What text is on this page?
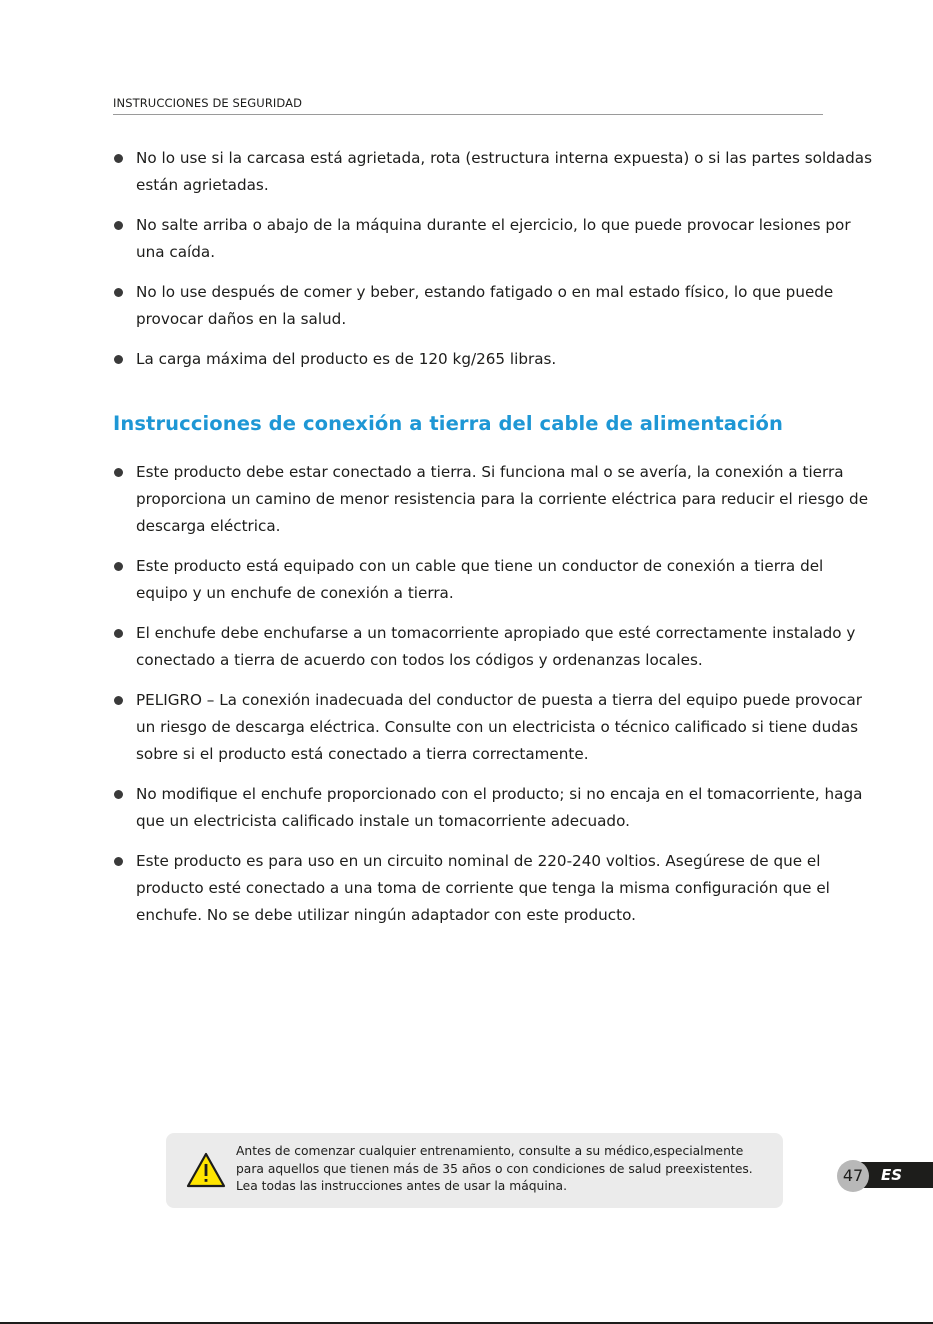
INSTRUCCIONES DE SEGURIDAD
No lo use si la carcasa está agrietada, rota (estructura interna expuesta) o si las partes soldadas están agrietadas.
No salte arriba o abajo de la máquina durante el ejercicio, lo que puede provocar lesiones por una caída.
No lo use después de comer y beber, estando fatigado o en mal estado físico, lo que puede provocar daños en la salud.
La carga máxima del producto es de 120 kg/265 libras.
Instrucciones de conexión a tierra del cable de alimentación
Este producto debe estar conectado a tierra. Si funciona mal o se avería, la conexión a tierra proporciona un camino de menor resistencia para la corriente eléctrica para reducir el riesgo de descarga eléctrica.
Este producto está equipado con un cable que tiene un conductor de conexión a tierra del equipo y un enchufe de conexión a tierra.
El enchufe debe enchufarse a un tomacorriente apropiado que esté correctamente instalado y conectado a tierra de acuerdo con todos los códigos y ordenanzas locales.
PELIGRO – La conexión inadecuada del conductor de puesta a tierra del equipo puede provocar un riesgo de descarga eléctrica. Consulte con un electricista o técnico calificado si tiene dudas sobre si el producto está conectado a tierra correctamente.
No modifique el enchufe proporcionado con el producto; si no encaja en el tomacorriente, haga que un electricista calificado instale un tomacorriente adecuado.
Este producto es para uso en un circuito nominal de 220-240 voltios. Asegúrese de que el producto esté conectado a una toma de corriente que tenga la misma configuración que el enchufe. No se debe utilizar ningún adaptador con este producto.
Antes de comenzar cualquier entrenamiento, consulte a su médico,especialmente
para aquellos que tienen más de 35 años o con condiciones de salud preexistentes.
Lea todas las instrucciones antes de usar la máquina.
ES
47
